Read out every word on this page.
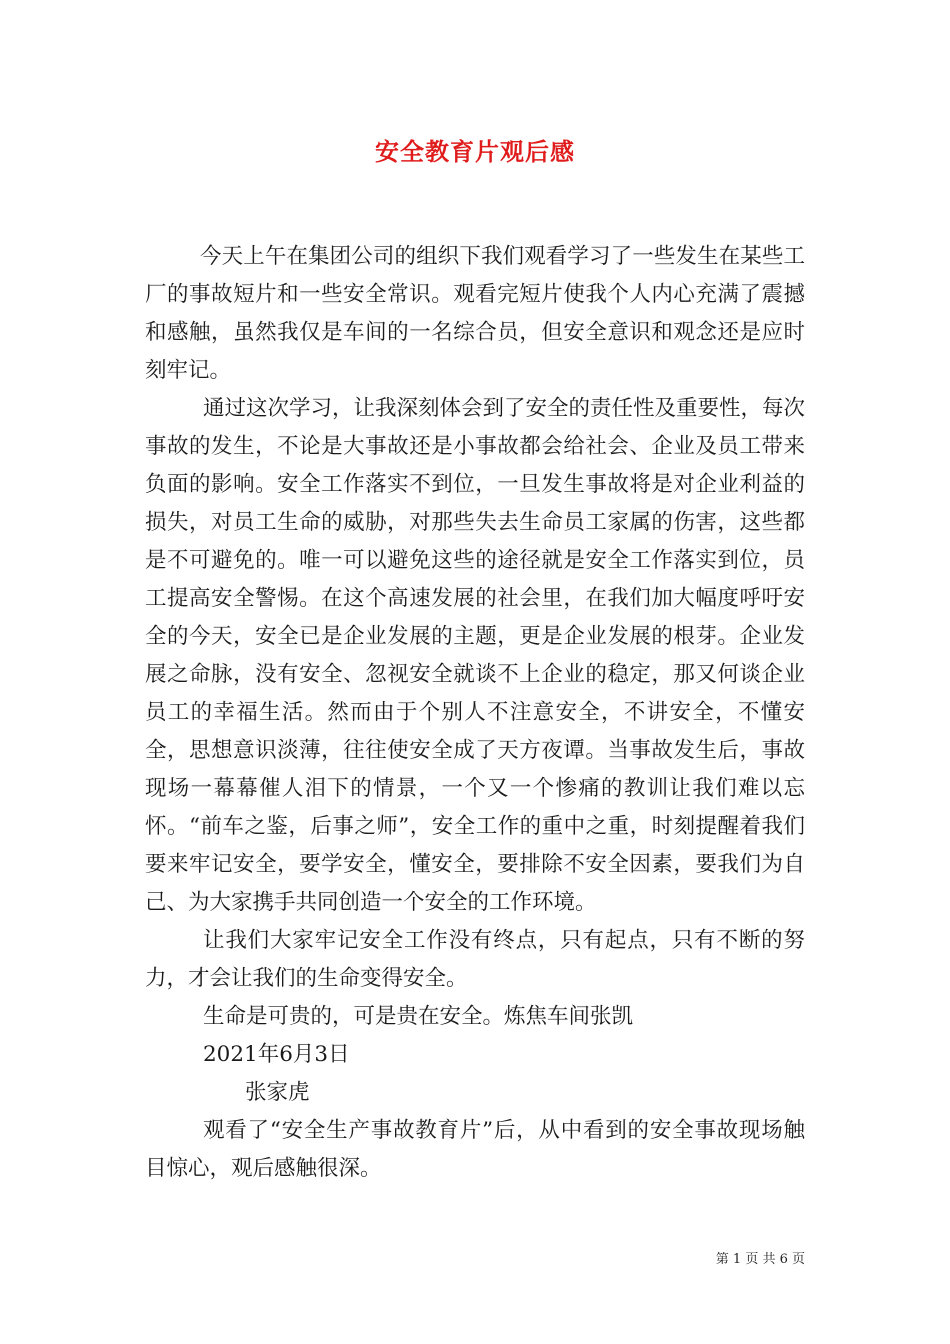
安全教育片观后感

今天上午在集团公司的组织下我们观看学习了一些发生在某些工厂的事故短片和一些安全常识。观看完短片使我个人内心充满了震撼和感触，虽然我仅是车间的一名综合员，但安全意识和观念还是应时刻牢记。

通过这次学习，让我深刻体会到了安全的责任性及重要性，每次事故的发生，不论是大事故还是小事故都会给社会、企业及员工带来负面的影响。安全工作落实不到位，一旦发生事故将是对企业利益的损失，对员工生命的威胁，对那些失去生命员工家属的伤害，这些都是不可避免的。唯一可以避免这些的途径就是安全工作落实到位，员工提高安全警惕。在这个高速发展的社会里，在我们加大幅度呼吁安全的今天，安全已是企业发展的主题，更是企业发展的根芽。企业发展之命脉，没有安全、忽视安全就谈不上企业的稳定，那又何谈企业员工的幸福生活。然而由于个别人不注意安全，不讲安全，不懂安全，思想意识淡薄，往往使安全成了天方夜谭。当事故发生后，事故现场一幕幕催人泪下的情景，一个又一个惨痛的教训让我们难以忘怀。“前车之鉴，后事之师”，安全工作的重中之重，时刻提醒着我们要来牢记安全，要学安全，懂安全，要排除不安全因素，要我们为自己、为大家携手共同创造一个安全的工作环境。

让我们大家牢记安全工作没有终点，只有起点，只有不断的努力，才会让我们的生命变得安全。

生命是可贵的，可是贵在安全。炼焦车间张凯

2021年6月3日

张家虎

观看了“安全生产事故教育片”后，从中看到的安全事故现场触目惊心，观后感触很深。

第 1 页 共 6 页
